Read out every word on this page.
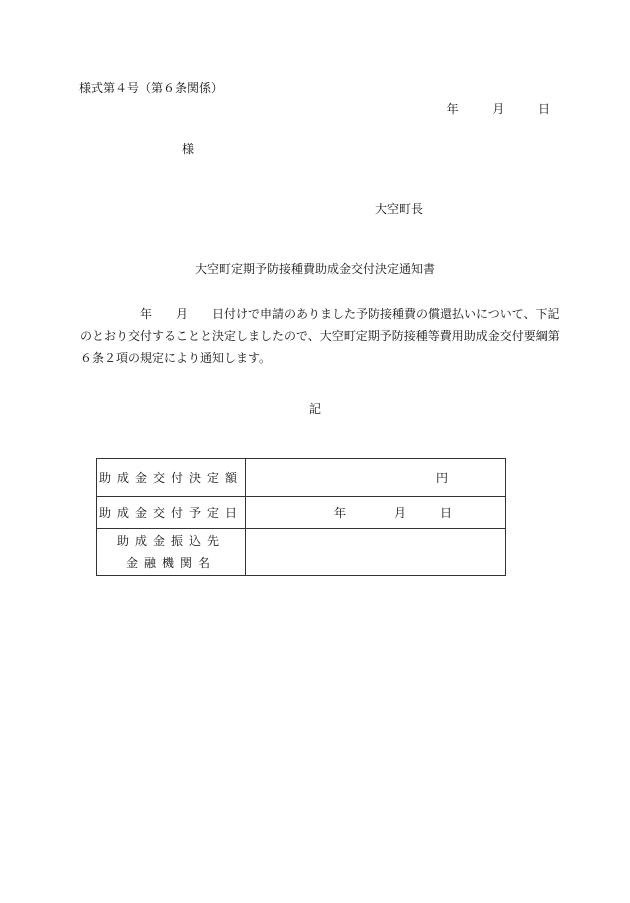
様式第４号（第６条関係）
年	月	日
様
大空町長
大空町定期予防接種費助成金交付決定通知書
　　　　　年　　月　　日付けで申請のありました予防接種費の償還払いについて、下記
のとおり交付することと決定しましたので、大空町定期予防接種等費用助成金交付要綱第
６条２項の規定により通知します。
記
助成金交付決定額	円

助成金交付予定日	年 月 日

助成金振込先
金融機関名	
